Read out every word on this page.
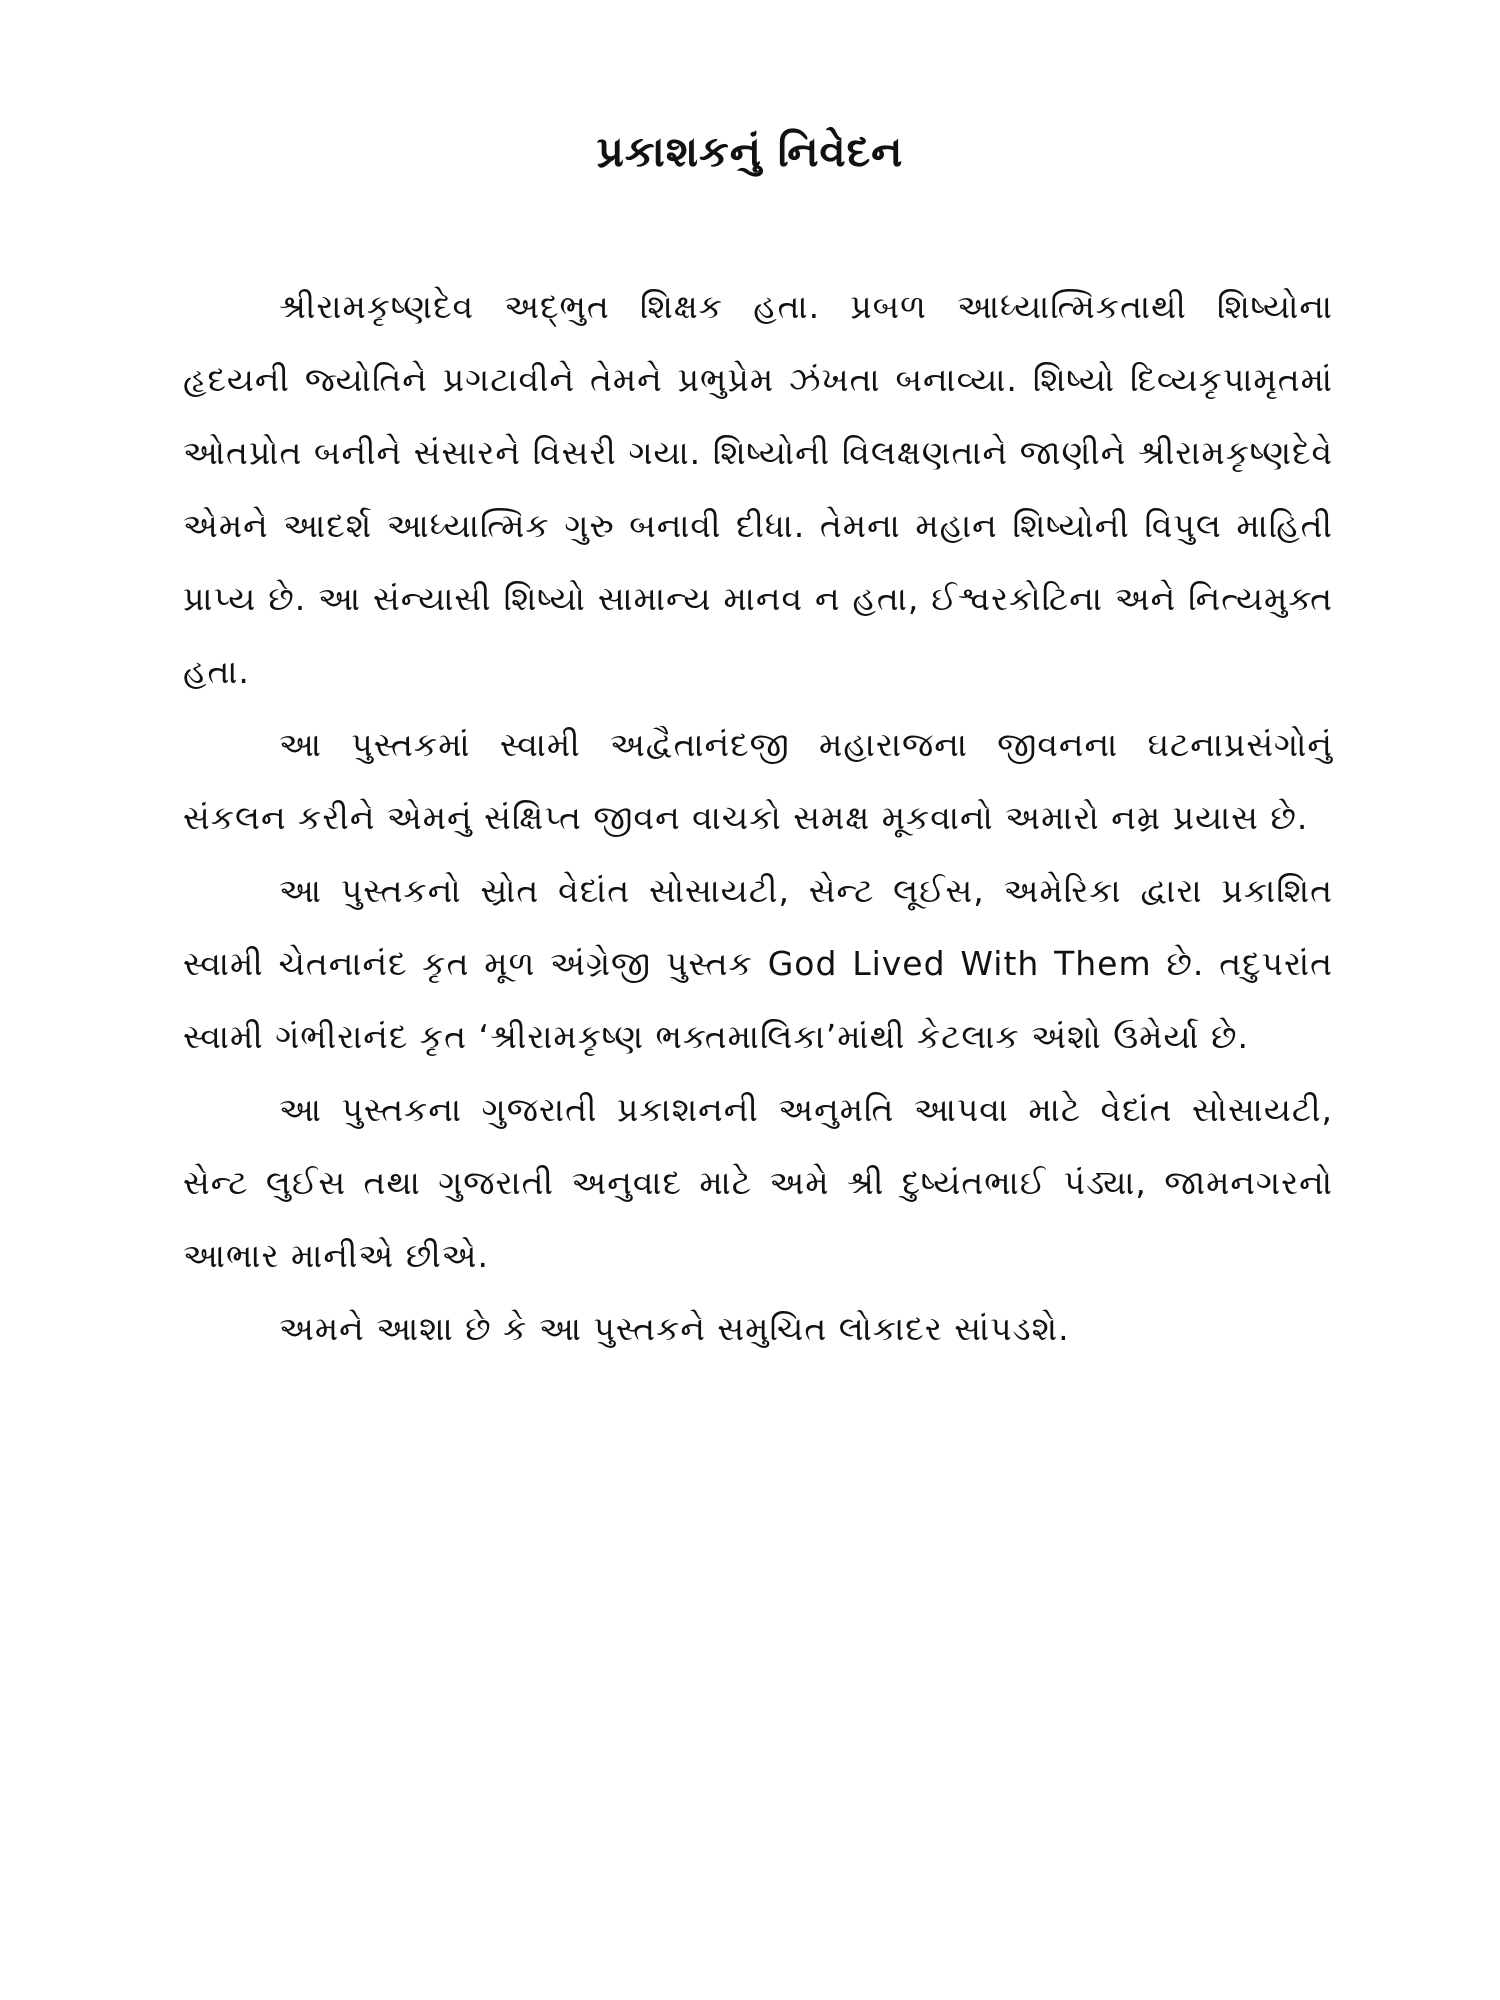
પ્રકાશકનું નિવેદન

શ્રીરામકૃષ્ણદેવ અદ્ભુત શિક્ષક હતા. પ્રબળ આધ્યાત્મિકતાથી શિષ્યોના હૃદયની જ્યોતિને પ્રગટાવીને તેમને પ્રભુપ્રેમ ઝંખતા બનાવ્યા. શિષ્યો દિવ્યકૃપામૃતમાં ઓતપ્રોત બનીને સંસારને વિસરી ગયા. શિષ્યોની વિલક્ષણતાને જાણીને શ્રીરામકૃષ્ણદેવે એમને આદર્શ આધ્યાત્મિક ગુરુ બનાવી દીધા. તેમના મહાન શિષ્યોની વિપુલ માહિતી પ્રાપ્ય છે. આ સંન્યાસી શિષ્યો સામાન્ય માનવ ન હતા, ઈશ્વરકોટિના અને નિત્યમુક્ત હતા.

આ પુસ્તકમાં સ્વામી અદ્વૈતાનંદજી મહારાજના જીવનના ઘટનાપ્રસંગોનું સંકલન કરીને એમનું સંક્ષિપ્ત જીવન વાચકો સમક્ષ મૂકવાનો અમારો નમ્ર પ્રયાસ છે.

આ પુસ્તકનો સ્રોત વેદાંત સોસાયટી, સેન્ટ લૂઈસ, અમેરિકા દ્વારા પ્રકાશિત સ્વામી ચેતનાનંદ કૃત મૂળ અંગ્રેજી પુસ્તક God Lived With Them છે. તદુપરાંત સ્વામી ગંભીરાનંદ કૃત ‘શ્રીરામકૃષ્ણ ભક્તમાલિકા’માંથી કેટલાક અંશો ઉમેર્યા છે.

આ પુસ્તકના ગુજરાતી પ્રકાશનની અનુમતિ આપવા માટે વેદાંત સોસાયટી, સેન્ટ લુઈસ તથા ગુજરાતી અનુવાદ માટે અમે શ્રી દુષ્યંતભાઈ પંડ્યા, જામનગરનો આભાર માનીએ છીએ.

અમને આશા છે કે આ પુસ્તકને સમુચિત લોકાદર સાંપડશે.
